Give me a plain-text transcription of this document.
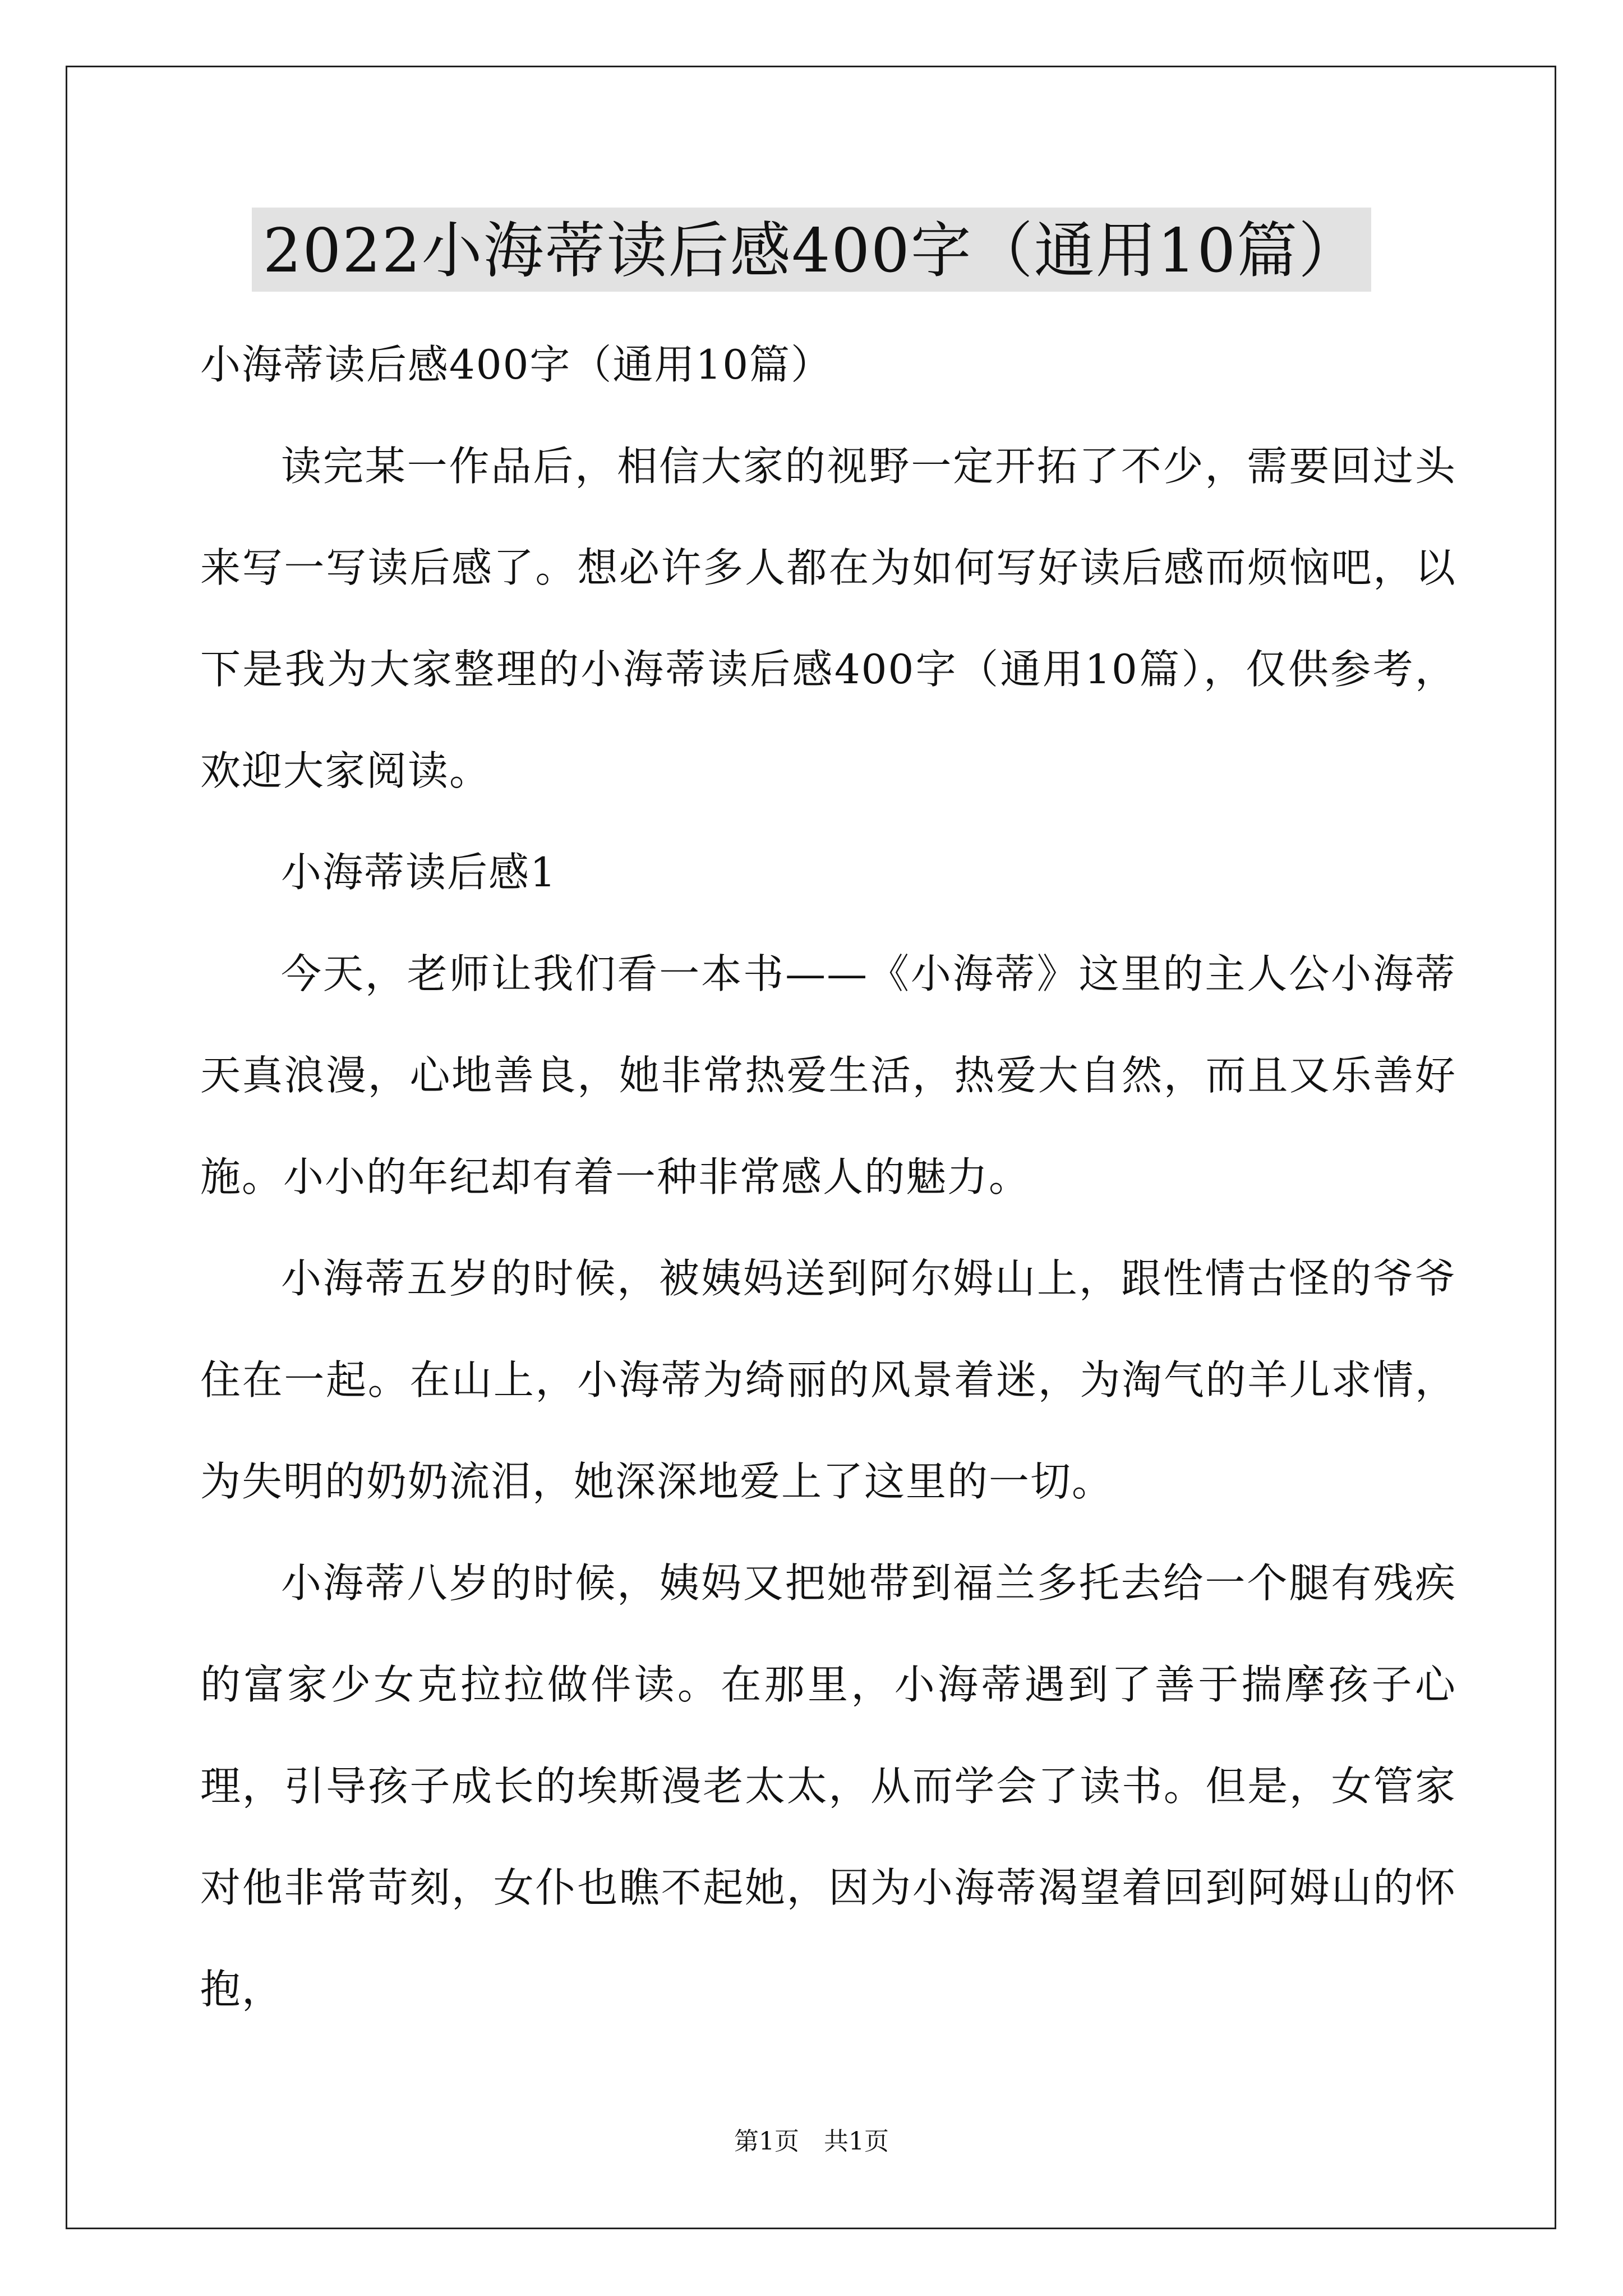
2022小海蒂读后感400字（通用10篇）

小海蒂读后感400字（通用10篇）

读完某一作品后，相信大家的视野一定开拓了不少，需要回过头来写一写读后感了。想必许多人都在为如何写好读后感而烦恼吧，以下是我为大家整理的小海蒂读后感400字（通用10篇），仅供参考，欢迎大家阅读。

小海蒂读后感1

今天，老师让我们看一本书——《小海蒂》这里的主人公小海蒂天真浪漫，心地善良，她非常热爱生活，热爱大自然，而且又乐善好施。小小的年纪却有着一种非常感人的魅力。

小海蒂五岁的时候，被姨妈送到阿尔姆山上，跟性情古怪的爷爷住在一起。在山上，小海蒂为绮丽的风景着迷，为淘气的羊儿求情，为失明的奶奶流泪，她深深地爱上了这里的一切。

小海蒂八岁的时候，姨妈又把她带到福兰多托去给一个腿有残疾的富家少女克拉拉做伴读。在那里，小海蒂遇到了善于揣摩孩子心理，引导孩子成长的埃斯漫老太太，从而学会了读书。但是，女管家对他非常苛刻，女仆也瞧不起她，因为小海蒂渴望着回到阿姆山的怀抱，

第1页　共1页
